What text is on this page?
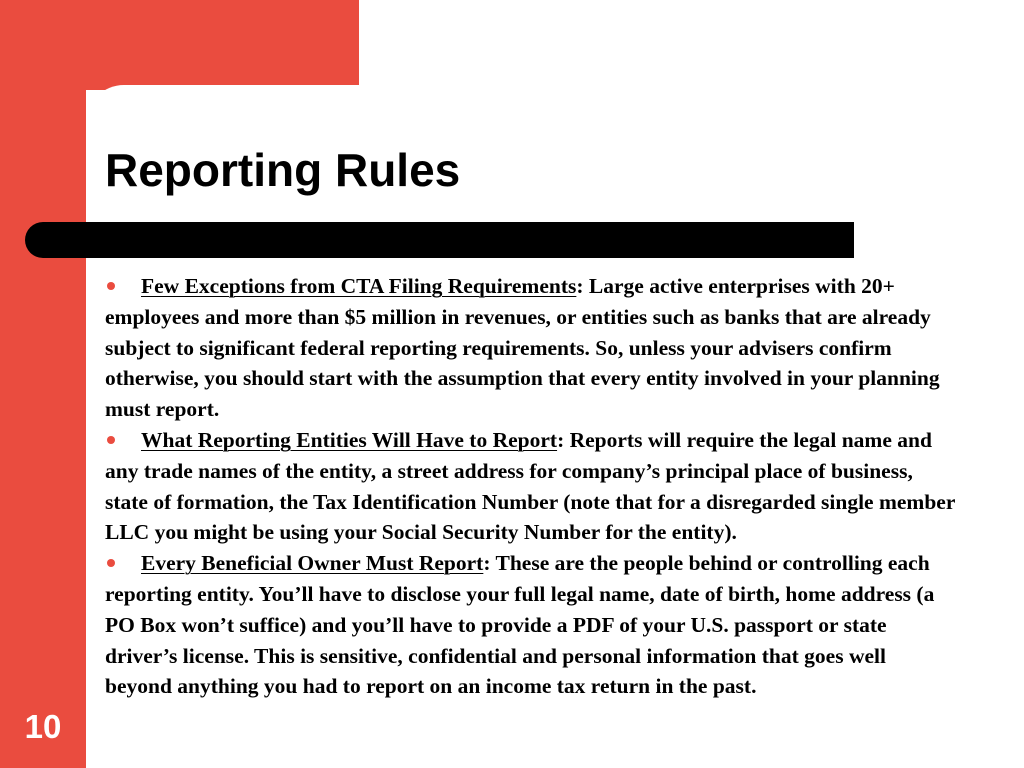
Reporting Rules

Few Exceptions from CTA Filing Requirements: Large active enterprises with 20+ employees and more than $5 million in revenues, or entities such as banks that are already subject to significant federal reporting requirements. So, unless your advisers confirm otherwise, you should start with the assumption that every entity involved in your planning must report.

What Reporting Entities Will Have to Report: Reports will require the legal name and any trade names of the entity, a street address for company’s principal place of business, state of formation, the Tax Identification Number (note that for a disregarded single member LLC you might be using your Social Security Number for the entity).

Every Beneficial Owner Must Report: These are the people behind or controlling each reporting entity. You’ll have to disclose your full legal name, date of birth, home address (a PO Box won’t suffice) and you’ll have to provide a PDF of your U.S. passport or state driver’s license. This is sensitive, confidential and personal information that goes well beyond anything you had to report on an income tax return in the past.

10
